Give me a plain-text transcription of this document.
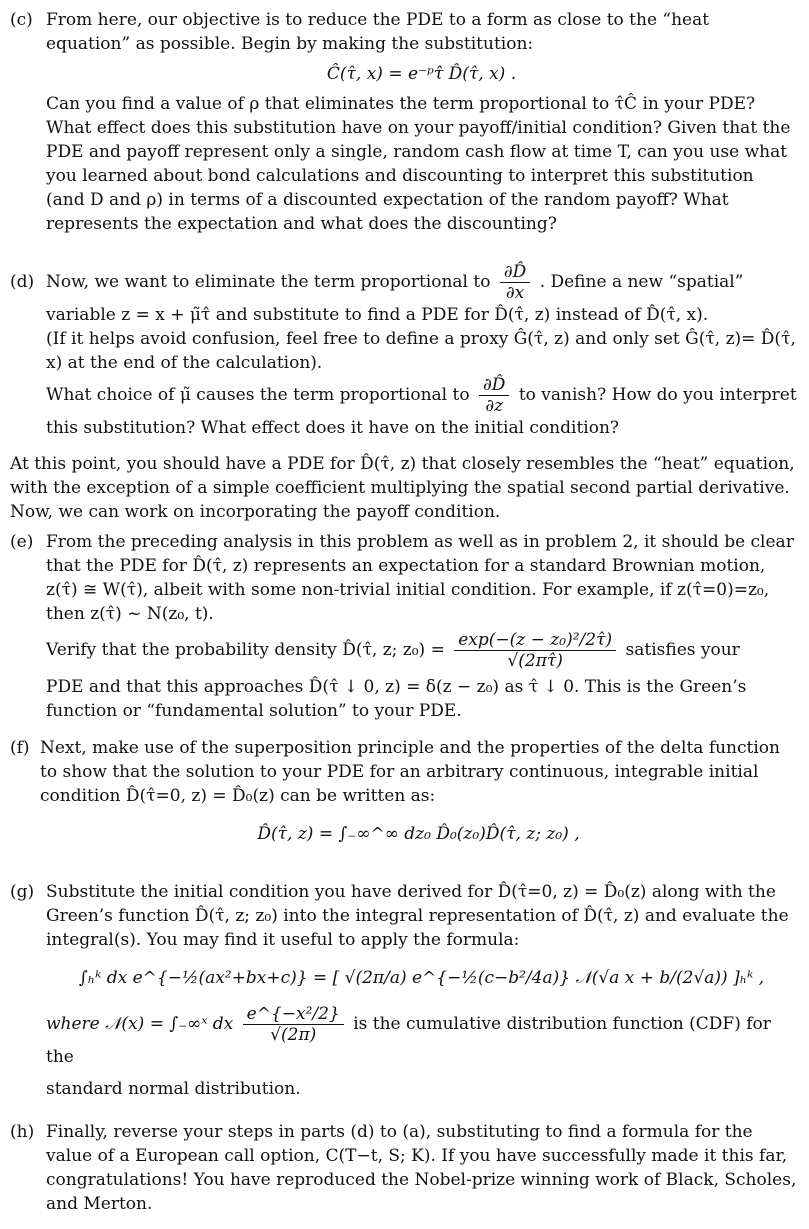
(c) From here, our objective is to reduce the PDE to a form as close to the “heat equation” as possible. Begin by making the substitution:
Ĉ(τ̂, x) = e⁻ᵖτ̂ D̂(τ̂, x) .
Can you find a value of ρ that eliminates the term proportional to τ̂Ĉ in your PDE? What effect does this substitution have on your payoff/initial condition? Given that the PDE and payoff represent only a single, random cash flow at time T, can you use what you learned about bond calculations and discounting to interpret this substitution (and D and ρ) in terms of a discounted expectation of the random payoff? What represents the expectation and what does the discounting?
(d) Now, we want to eliminate the term proportional to $\frac{\partial D̂}{\partial x}$ . Define a new “spatial”
variable z = x + μ̃τ̂ and substitute to find a PDE for D̂(τ̂, z) instead of D̂(τ̂, x).
(If it helps avoid confusion, feel free to define a proxy Ĝ(τ̂, z) and only set Ĝ(τ̂, z)= D̂(τ̂, x) at the end of the calculation).
What choice of μ̃ causes the term proportional to $\frac{\partial D̂}{\partial z}$ to vanish? How do you interpret
this substitution? What effect does it have on the initial condition?
At this point, you should have a PDE for D̂(τ̂, z) that closely resembles the “heat” equation, with the exception of a simple coefficient multiplying the spatial second partial derivative. Now, we can work on incorporating the payoff condition.
(e) From the preceding analysis in this problem as well as in problem 2, it should be clear that the PDE for D̂(τ̂, z) represents an expectation for a standard Brownian motion, z(τ̂) ≅ W(τ̂), albeit with some non-trivial initial condition. For example, if z(τ̂=0)=z₀, then z(τ̂) ~ N(z₀, t).
Verify that the probability density D̂(τ̂, z; $z_0) = \frac{\text{exp(−(z − z₀)²/2τ̂)}}{√(2\pi\taû)}$ satisfies your
PDE and that this approaches D̂(τ̂ ↓ 0, z) = δ(z − z₀) as τ̂ ↓ 0. This is the Green’s function or “fundamental solution” to your PDE.
(f) Next, make use of the superposition principle and the properties of the delta function to show that the solution to your PDE for an arbitrary continuous, integrable initial condition D̂(τ̂=0, z) = D̂₀(z) can be written as:
D̂(τ̂, z) = ∫₋∞^∞ dz₀ D̂₀(z₀)D̂(τ̂, z; z₀) ,
(g) Substitute the initial condition you have derived for D̂(τ̂=0, z) = D̂₀(z) along with the Green’s function D̂(τ̂, z; z₀) into the integral representation of D̂(τ̂, z) and evaluate the integral(s). You may find it useful to apply the formula:
∫ₕᵏ dx e^{−½(ax²+bx+c)} = [ √(2π/a) e^{−½(c−b²/4a)} 𝒩(√a x + b/(2√a)) ]ₕᵏ ,
where 𝒩(x) = ∫₋∞ˣ dx $\frac{\text{e\textasciicircum{}\{−x²/2\}}}{√(2\pi)}$ is the cumulative distribution function (CDF) for the
standard normal distribution.
(h) Finally, reverse your steps in parts (d) to (a), substituting to find a formula for the value of a European call option, C(T−t, S; K). If you have successfully made it this far, congratulations! You have reproduced the Nobel-prize winning work of Black, Scholes, and Merton.
